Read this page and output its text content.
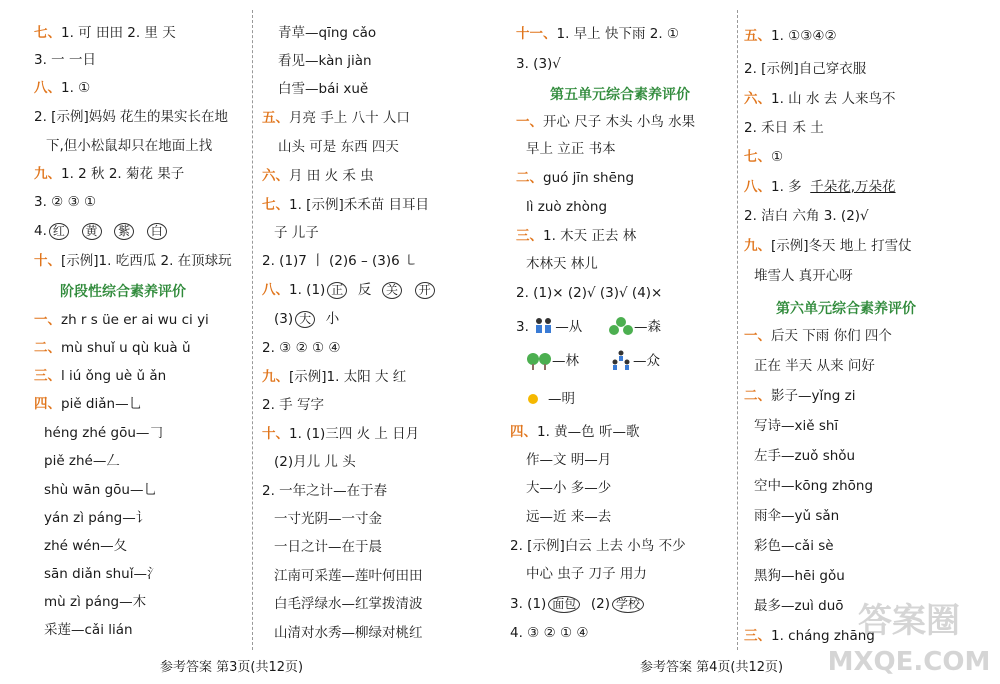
七、1. 可 田田 2. 里 天
3. 一 一日
八、1. ①
2. [示例]妈妈 花生的果实长在地
下,但小松鼠却只在地面上找
九、1. 2 秋 2. 菊花 果子
3. ② ③ ①
4. 红 黄 紫 白
十、[示例]1. 吃西瓜 2. 在顶球玩
阶段性综合素养评价
一、zh r s üe er ai wu ci yi
二、mù shuǐ u qù kuà ǔ
三、l iú ǒng uè ǔ ǎn
四、piě diǎn—乚
héng zhé gōu—𠃌
piě zhé—𠃋
shù wān gōu—乚
yán zì páng—讠
zhé wén—夂
sān diǎn shuǐ—氵
mù zì páng—木
采莲—cǎi lián
青草—qīng cǎo
看见—kàn jiàn
白雪—bái xuě
五、月亮 手上 八十 人口
山头 可是 东西 四天
六、月 田 火 禾 虫
七、1. [示例]禾禾苗 目耳目
子 儿子
2. (1)7 丨 (2)6 – (3)6 ㇄
八、1. (1) 正 反 关 开
(3) 大 小
2. ③ ② ① ④
九、[示例]1. 太阳 大 红
2. 手 写字
十、1. (1)三四 火 上 日月
(2)月儿 儿 头
2. 一年之计—在于春
一寸光阴—一寸金
一日之计—在于晨
江南可采莲—莲叶何田田
白毛浮绿水—红掌拨清波
山清对水秀—柳绿对桃红
十一、1. 早上 快下雨 2. ①
3. (3)√
第五单元综合素养评价
一、开心 尺子 木头 小鸟 水果
早上 立正 书本
二、guó jīn shēng
lì zuò zhòng
三、1. 木天 正去 林
木林天 林儿
2. (1)× (2)√ (3)√ (4)×
3. —从	—森
—林	—众
—明
四、1. 黄—色 听—歌
作—文 明—月
大—小 多—少
远—近 来—去
2. [示例]白云 上去 小鸟 不少
中心 虫子 刀子 用力
3. (1) 面包 (2) 学校
4. ③ ② ① ④
五、1. ①③④②
2. [示例]自己穿衣服
六、1. 山 水 去 人来鸟不
2. 禾日 禾 土
七、①
八、1. 多 千朵花,万朵花
2. 洁白 六角 3. (2)√
九、[示例]冬天 地上 打雪仗
堆雪人 真开心呀
第六单元综合素养评价
一、后天 下雨 你们 四个
正在 半天 从来 问好
二、影子—yǐng zi
写诗—xiě shī
左手—zuǒ shǒu
空中—kōng zhōng
雨伞—yǔ sǎn
彩色—cǎi sè
黑狗—hēi gǒu
最多—zuì duō
三、1. cháng zhāng
参考答案 第3页(共12页)	参考答案 第4页(共12页)
答案圈
MXQE.COM
